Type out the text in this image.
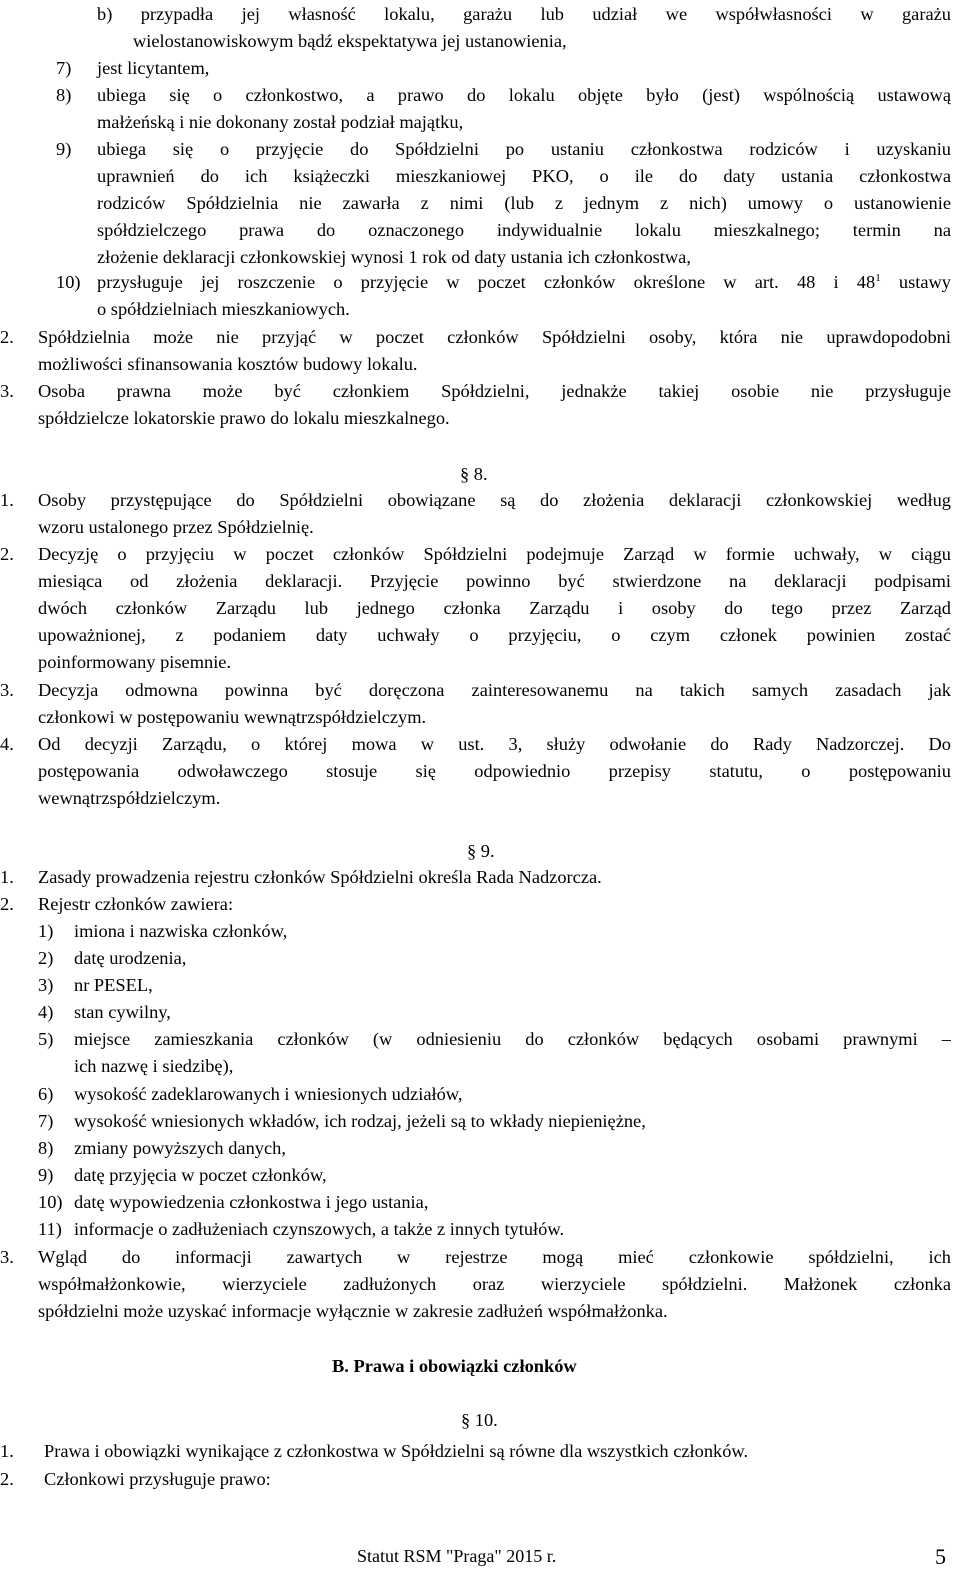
b) przypadła jej własność lokalu, garażu lub udział we współwłasności w garażu
wielostanowiskowym bądź ekspektatywa jej ustanowienia,
7) jest licytantem,
8) ubiega się o członkostwo, a prawo do lokalu objęte było (jest) wspólnością ustawową
małżeńską i nie dokonany został podział majątku,
9) ubiega się o przyjęcie do Spółdzielni po ustaniu członkostwa rodziców i uzyskaniu
uprawnień do ich książeczki mieszkaniowej PKO, o ile do daty ustania członkostwa
rodziców Spółdzielnia nie zawarła z nimi (lub z jednym z nich) umowy o ustanowienie
spółdzielczego prawa do oznaczonego indywidualnie lokalu mieszkalnego; termin na
złożenie deklaracji członkowskiej wynosi 1 rok od daty ustania ich członkostwa,
10) przysługuje jej roszczenie o przyjęcie w poczet członków określone w art. 48 i $48^1$ ustawy
o spółdzielniach mieszkaniowych.
2. Spółdzielnia może nie przyjąć w poczet członków Spółdzielni osoby, która nie uprawdopodobni
możliwości sfinansowania kosztów budowy lokalu.
3. Osoba prawna może być członkiem Spółdzielni, jednakże takiej osobie nie przysługuje
spółdzielcze lokatorskie prawo do lokalu mieszkalnego.
§ 8.
1. Osoby przystępujące do Spółdzielni obowiązane są do złożenia deklaracji członkowskiej według
wzoru ustalonego przez Spółdzielnię.
2. Decyzję o przyjęciu w poczet członków Spółdzielni podejmuje Zarząd w formie uchwały, w ciągu
miesiąca od złożenia deklaracji. Przyjęcie powinno być stwierdzone na deklaracji podpisami
dwóch członków Zarządu lub jednego członka Zarządu i osoby do tego przez Zarząd
upoważnionej, z podaniem daty uchwały o przyjęciu, o czym członek powinien zostać
poinformowany pisemnie.
3. Decyzja odmowna powinna być doręczona zainteresowanemu na takich samych zasadach jak
członkowi w postępowaniu wewnątrzspółdzielczym.
4. Od decyzji Zarządu, o której mowa w ust. 3, służy odwołanie do Rady Nadzorczej. Do
postępowania odwoławczego stosuje się odpowiednio przepisy statutu, o postępowaniu
wewnątrzspółdzielczym.
§ 9.
1. Zasady prowadzenia rejestru członków Spółdzielni określa Rada Nadzorcza.
2. Rejestr członków zawiera:
1) imiona i nazwiska członków,
2) datę urodzenia,
3) nr PESEL,
4) stan cywilny,
5) miejsce zamieszkania członków (w odniesieniu do członków będących osobami prawnymi –
ich nazwę i siedzibę),
6) wysokość zadeklarowanych i wniesionych udziałów,
7) wysokość wniesionych wkładów, ich rodzaj, jeżeli są to wkłady niepieniężne,
8) zmiany powyższych danych,
9) datę przyjęcia w poczet członków,
10) datę wypowiedzenia członkostwa i jego ustania,
11) informacje o zadłużeniach czynszowych, a także z innych tytułów.
3. Wgląd do informacji zawartych w rejestrze mogą mieć członkowie spółdzielni, ich
współmałżonkowie, wierzyciele zadłużonych oraz wierzyciele spółdzielni. Małżonek członka
spółdzielni może uzyskać informacje wyłącznie w zakresie zadłużeń współmałżonka.
B. Prawa i obowiązki członków
§ 10.
1. Prawa i obowiązki wynikające z członkostwa w Spółdzielni są równe dla wszystkich członków.
2. Członkowi przysługuje prawo:
Statut RSM "Praga" 2015 r.	5
